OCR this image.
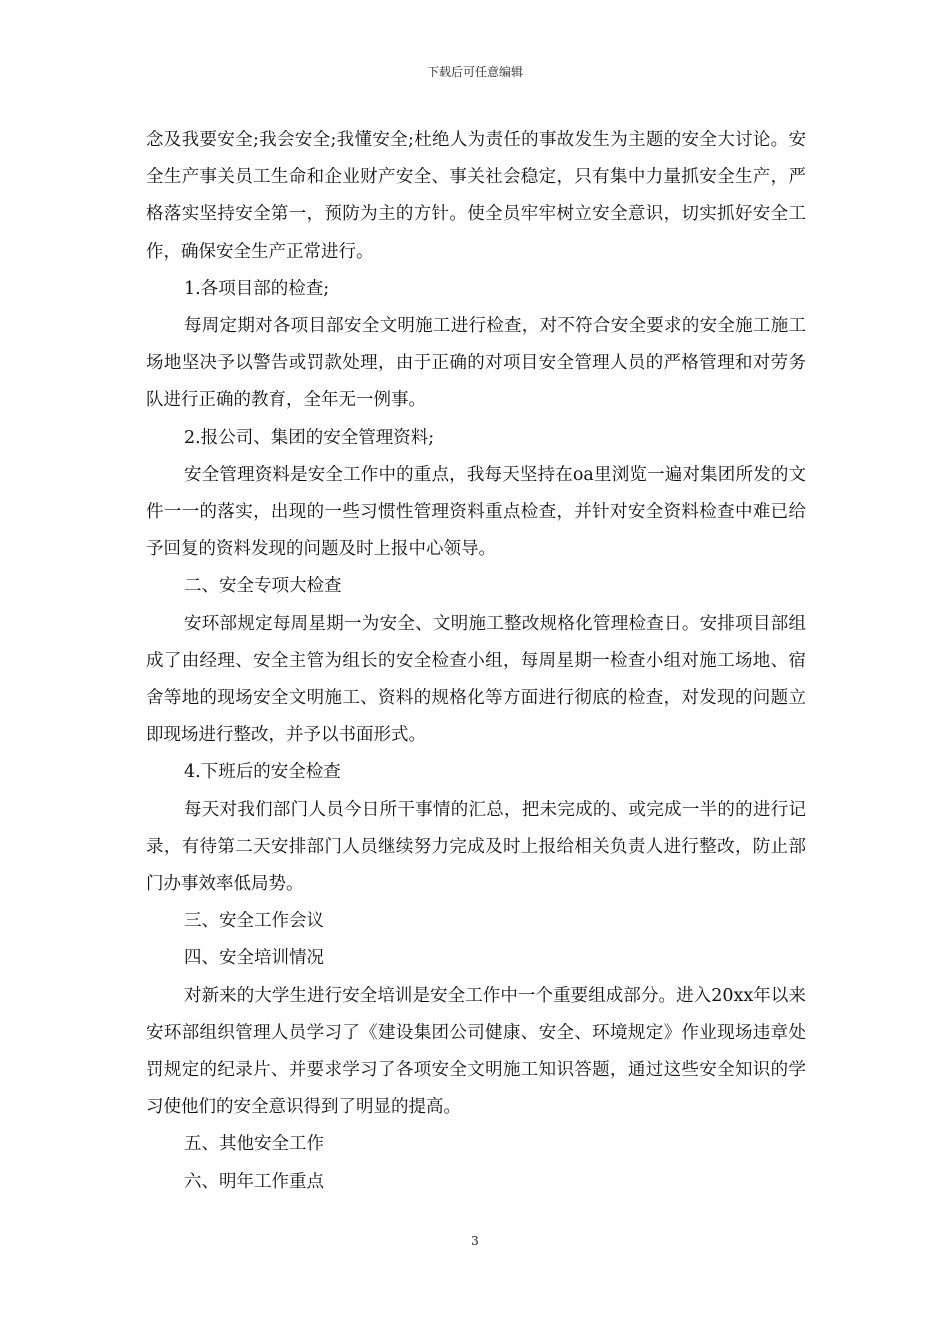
下载后可任意编辑

念及我要安全;我会安全;我懂安全;杜绝人为责任的事故发生为主题的安全大讨论。安全生产事关员工生命和企业财产安全、事关社会稳定，只有集中力量抓安全生产，严格落实坚持安全第一，预防为主的方针。使全员牢牢树立安全意识，切实抓好安全工作，确保安全生产正常进行。

1.各项目部的检查;

每周定期对各项目部安全文明施工进行检查，对不符合安全要求的安全施工施工场地坚决予以警告或罚款处理，由于正确的对项目安全管理人员的严格管理和对劳务队进行正确的教育，全年无一例事。

2.报公司、集团的安全管理资料;

安全管理资料是安全工作中的重点，我每天坚持在oa里浏览一遍对集团所发的文件一一的落实，出现的一些习惯性管理资料重点检查，并针对安全资料检查中难已给予回复的资料发现的问题及时上报中心领导。

二、安全专项大检查

安环部规定每周星期一为安全、文明施工整改规格化管理检查日。安排项目部组成了由经理、安全主管为组长的安全检查小组，每周星期一检查小组对施工场地、宿舍等地的现场安全文明施工、资料的规格化等方面进行彻底的检查，对发现的问题立即现场进行整改，并予以书面形式。

4.下班后的安全检查

每天对我们部门人员今日所干事情的汇总，把未完成的、或完成一半的的进行记录，有待第二天安排部门人员继续努力完成及时上报给相关负责人进行整改，防止部门办事效率低局势。

三、安全工作会议

四、安全培训情况

对新来的大学生进行安全培训是安全工作中一个重要组成部分。进入20xx年以来安环部组织管理人员学习了《建设集团公司健康、安全、环境规定》作业现场违章处罚规定的纪录片、并要求学习了各项安全文明施工知识答题，通过这些安全知识的学习使他们的安全意识得到了明显的提高。

五、其他安全工作

六、明年工作重点

3
